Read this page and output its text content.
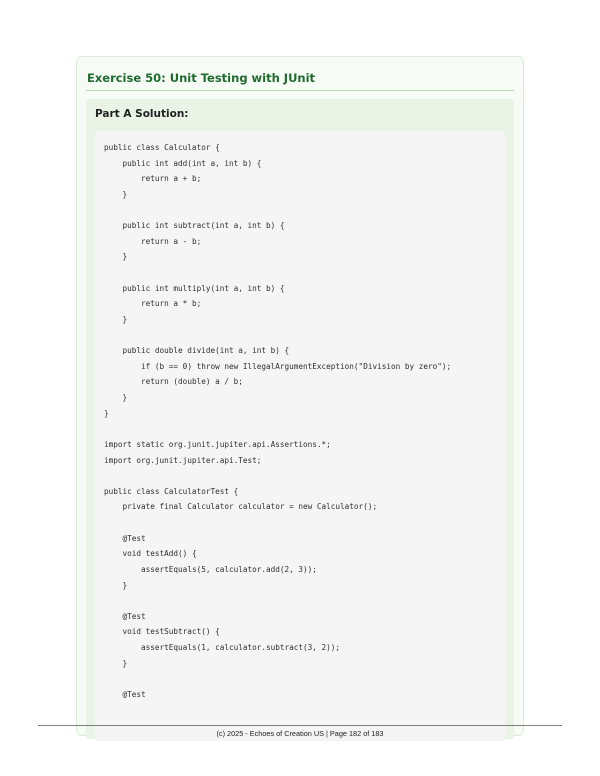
Exercise 50: Unit Testing with JUnit
Part A Solution:
public class Calculator {
public int add(int a, int b) {
return a + b;
}

public int subtract(int a, int b) {
return a - b;
}

public int multiply(int a, int b) {
return a * b;
}

public double divide(int a, int b) {
if (b == 0) throw new IllegalArgumentException("Division by zero");
return (double) a / b;
}
}

import static org.junit.jupiter.api.Assertions.*;
import org.junit.jupiter.api.Test;

public class CalculatorTest {
private final Calculator calculator = new Calculator();

@Test
void testAdd() {
assertEquals(5, calculator.add(2, 3));
}

@Test
void testSubtract() {
assertEquals(1, calculator.subtract(3, 2));
}

@Test
(c) 2025 - Echoes of Creation US | Page 182 of 183
